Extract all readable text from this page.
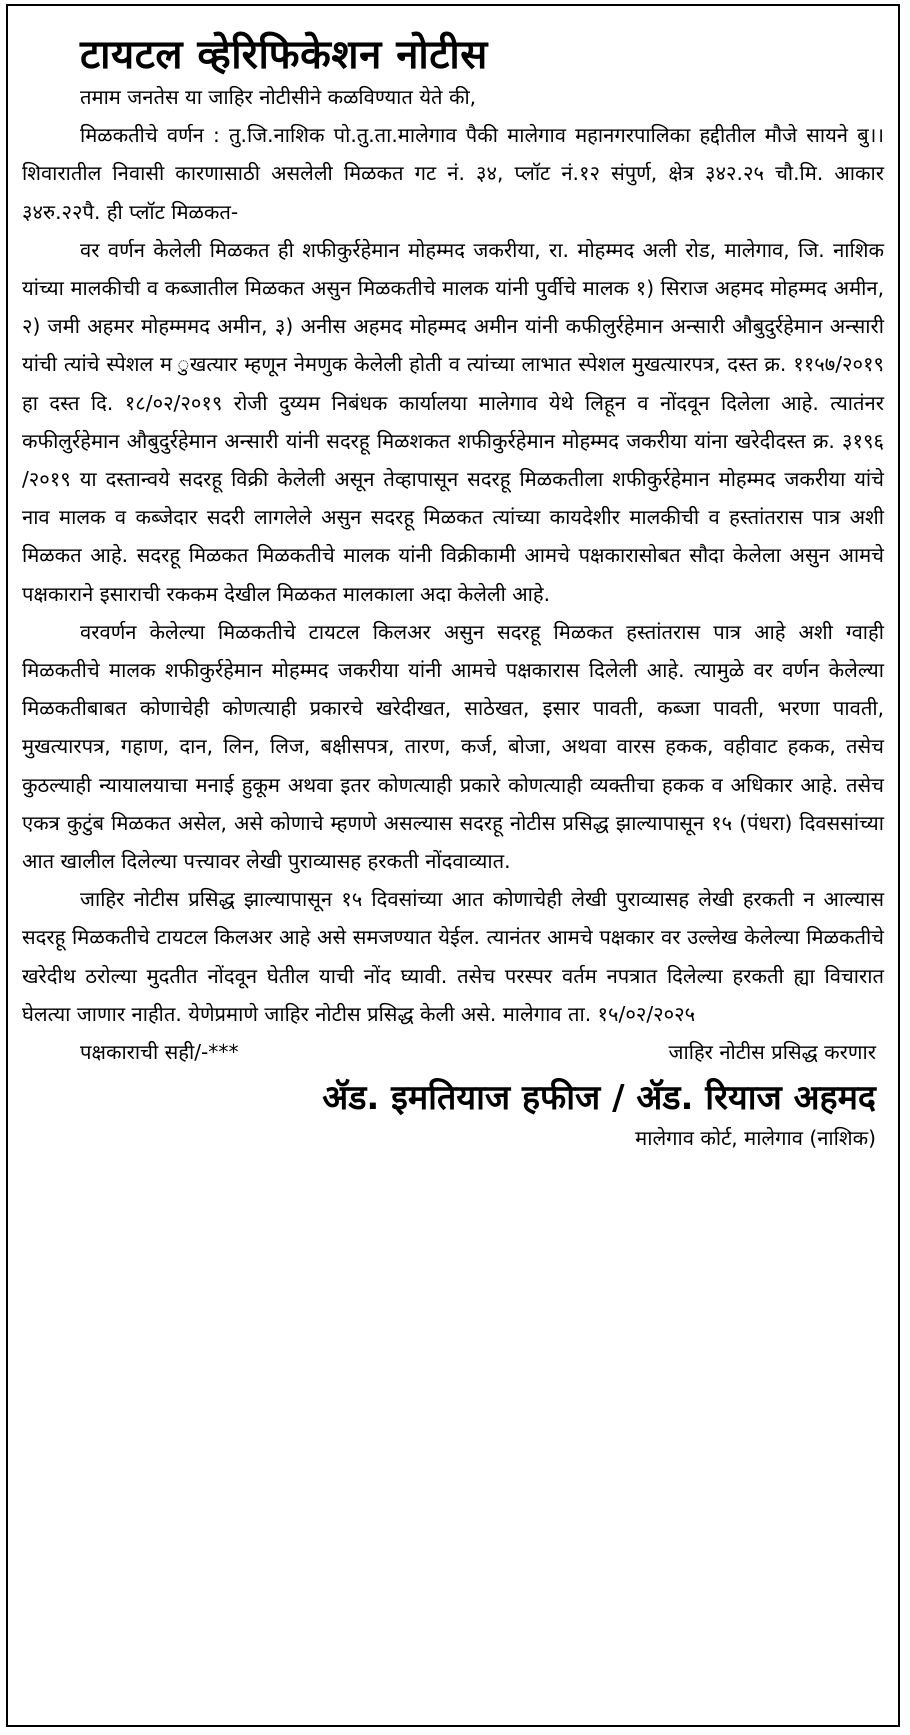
टायटल व्हेरिफिकेशन नोटीस

तमाम जनतेस या जाहिर नोटीसीने कळविण्यात येते की,

मिळकतीचे वर्णन : तु.जि.नाशिक पो.तु.ता.मालेगाव पैकी मालेगाव महानगरपालिका हद्दीतील मौजे सायने बु।। शिवारातील निवासी कारणासाठी असलेली मिळकत गट नं. ३४, प्लॉट नं.१२ संपुर्ण, क्षेत्र ३४२.२५ चौ.मि. आकार ३४रु.२२पै. ही प्लॉट मिळकत-

वर वर्णन केलेली मिळकत ही शफीकुर्रहेमान मोहम्मद जकरीया, रा. मोहम्मद अली रोड, मालेगाव, जि. नाशिक यांच्या मालकीची व कब्जातील मिळकत असुन मिळकतीचे मालक यांनी पुर्वीचे मालक १) सिराज अहमद मोहम्मद अमीन, २) जमी अहमर मोहम्ममद अमीन, ३) अनीस अहमद मोहम्मद अमीन यांनी कफीलुर्रहेमान अन्सारी औबुदुर्रहेमान अन्सारी यांची त्यांचे स्पेशल म ुखत्यार म्हणून नेमणुक केलेली होती व त्यांच्या लाभात स्पेशल मुखत्यारपत्र, दस्त क्र. ११५७/२०१९ हा दस्त दि. १८/०२/२०१९ रोजी दुय्यम निबंधक कार्यालया मालेगाव येथे लिहून व नोंदवून दिलेला आहे. त्यातंनर कफीलुर्रहेमान औबुदुर्रहेमान अन्सारी यांनी सदरहू मिळशकत शफीकुर्रहेमान मोहम्मद जकरीया यांना खरेदीदस्त क्र. ३१९६ /२०१९ या दस्तान्वये सदरहू विक्री केलेली असून तेव्हापासून सदरहू मिळकतीला शफीकुर्रहेमान मोहम्मद जकरीया यांचे नाव मालक व कब्जेदार सदरी लागलेले असुन सदरहू मिळकत त्यांच्या कायदेशीर मालकीची व हस्तांतरास पात्र अशी मिळकत आहे. सदरहू मिळकत मिळकतीचे मालक यांनी विक्रीकामी आमचे पक्षकारासोबत सौदा केलेला असुन आमचे पक्षकाराने इसाराची रककम देखील मिळकत मालकाला अदा केलेली आहे.

वरवर्णन केलेल्या मिळकतीचे टायटल किलअर असुन सदरहू मिळकत हस्तांतरास पात्र आहे अशी ग्वाही मिळकतीचे मालक शफीकुर्रहेमान मोहम्मद जकरीया यांनी आमचे पक्षकारास दिलेली आहे. त्यामुळे वर वर्णन केलेल्या मिळकतीबाबत कोणाचेही कोणत्याही प्रकारचे खरेदीखत, साठेखत, इसार पावती, कब्जा पावती, भरणा पावती, मुखत्यारपत्र, गहाण, दान, लिन, लिज, बक्षीसपत्र, तारण, कर्ज, बोजा, अथवा वारस हकक, वहीवाट हकक, तसेच कुठल्याही न्यायालयाचा मनाई हुकूम अथवा इतर कोणत्याही प्रकारे कोणत्याही व्यक्तीचा हकक व अधिकार आहे. तसेच एकत्र कुटुंब मिळकत असेल, असे कोणाचे म्हणणे असल्यास सदरहू नोटीस प्रसिद्ध झाल्यापासून १५ (पंधरा) दिवससांच्या आत खालील दिलेल्या पत्त्यावर लेखी पुराव्यासह हरकती नोंदवाव्यात.

जाहिर नोटीस प्रसिद्ध झाल्यापासून १५ दिवसांच्या आत कोणाचेही लेखी पुराव्यासह लेखी हरकती न आल्यास सदरहू मिळकतीचे टायटल किलअर आहे असे समजण्यात येईल. त्यानंतर आमचे पक्षकार वर उल्लेख केलेल्या मिळकतीचे खरेदीथ ठरोल्या मुदतीत नोंदवून घेतील याची नोंद घ्यावी. तसेच परस्पर वर्तम नपत्रात दिलेल्या हरकती ह्या विचारात घेलत्या जाणार नाहीत. येणेप्रमाणे जाहिर नोटीस प्रसिद्ध केली असे. मालेगाव ता. १५/०२/२०२५

पक्षकाराची सही/-***	जाहिर नोटीस प्रसिद्ध करणार
ॲड. इमतियाज हफीज / ॲड. रियाज अहमद
मालेगाव कोर्ट, मालेगाव (नाशिक)
